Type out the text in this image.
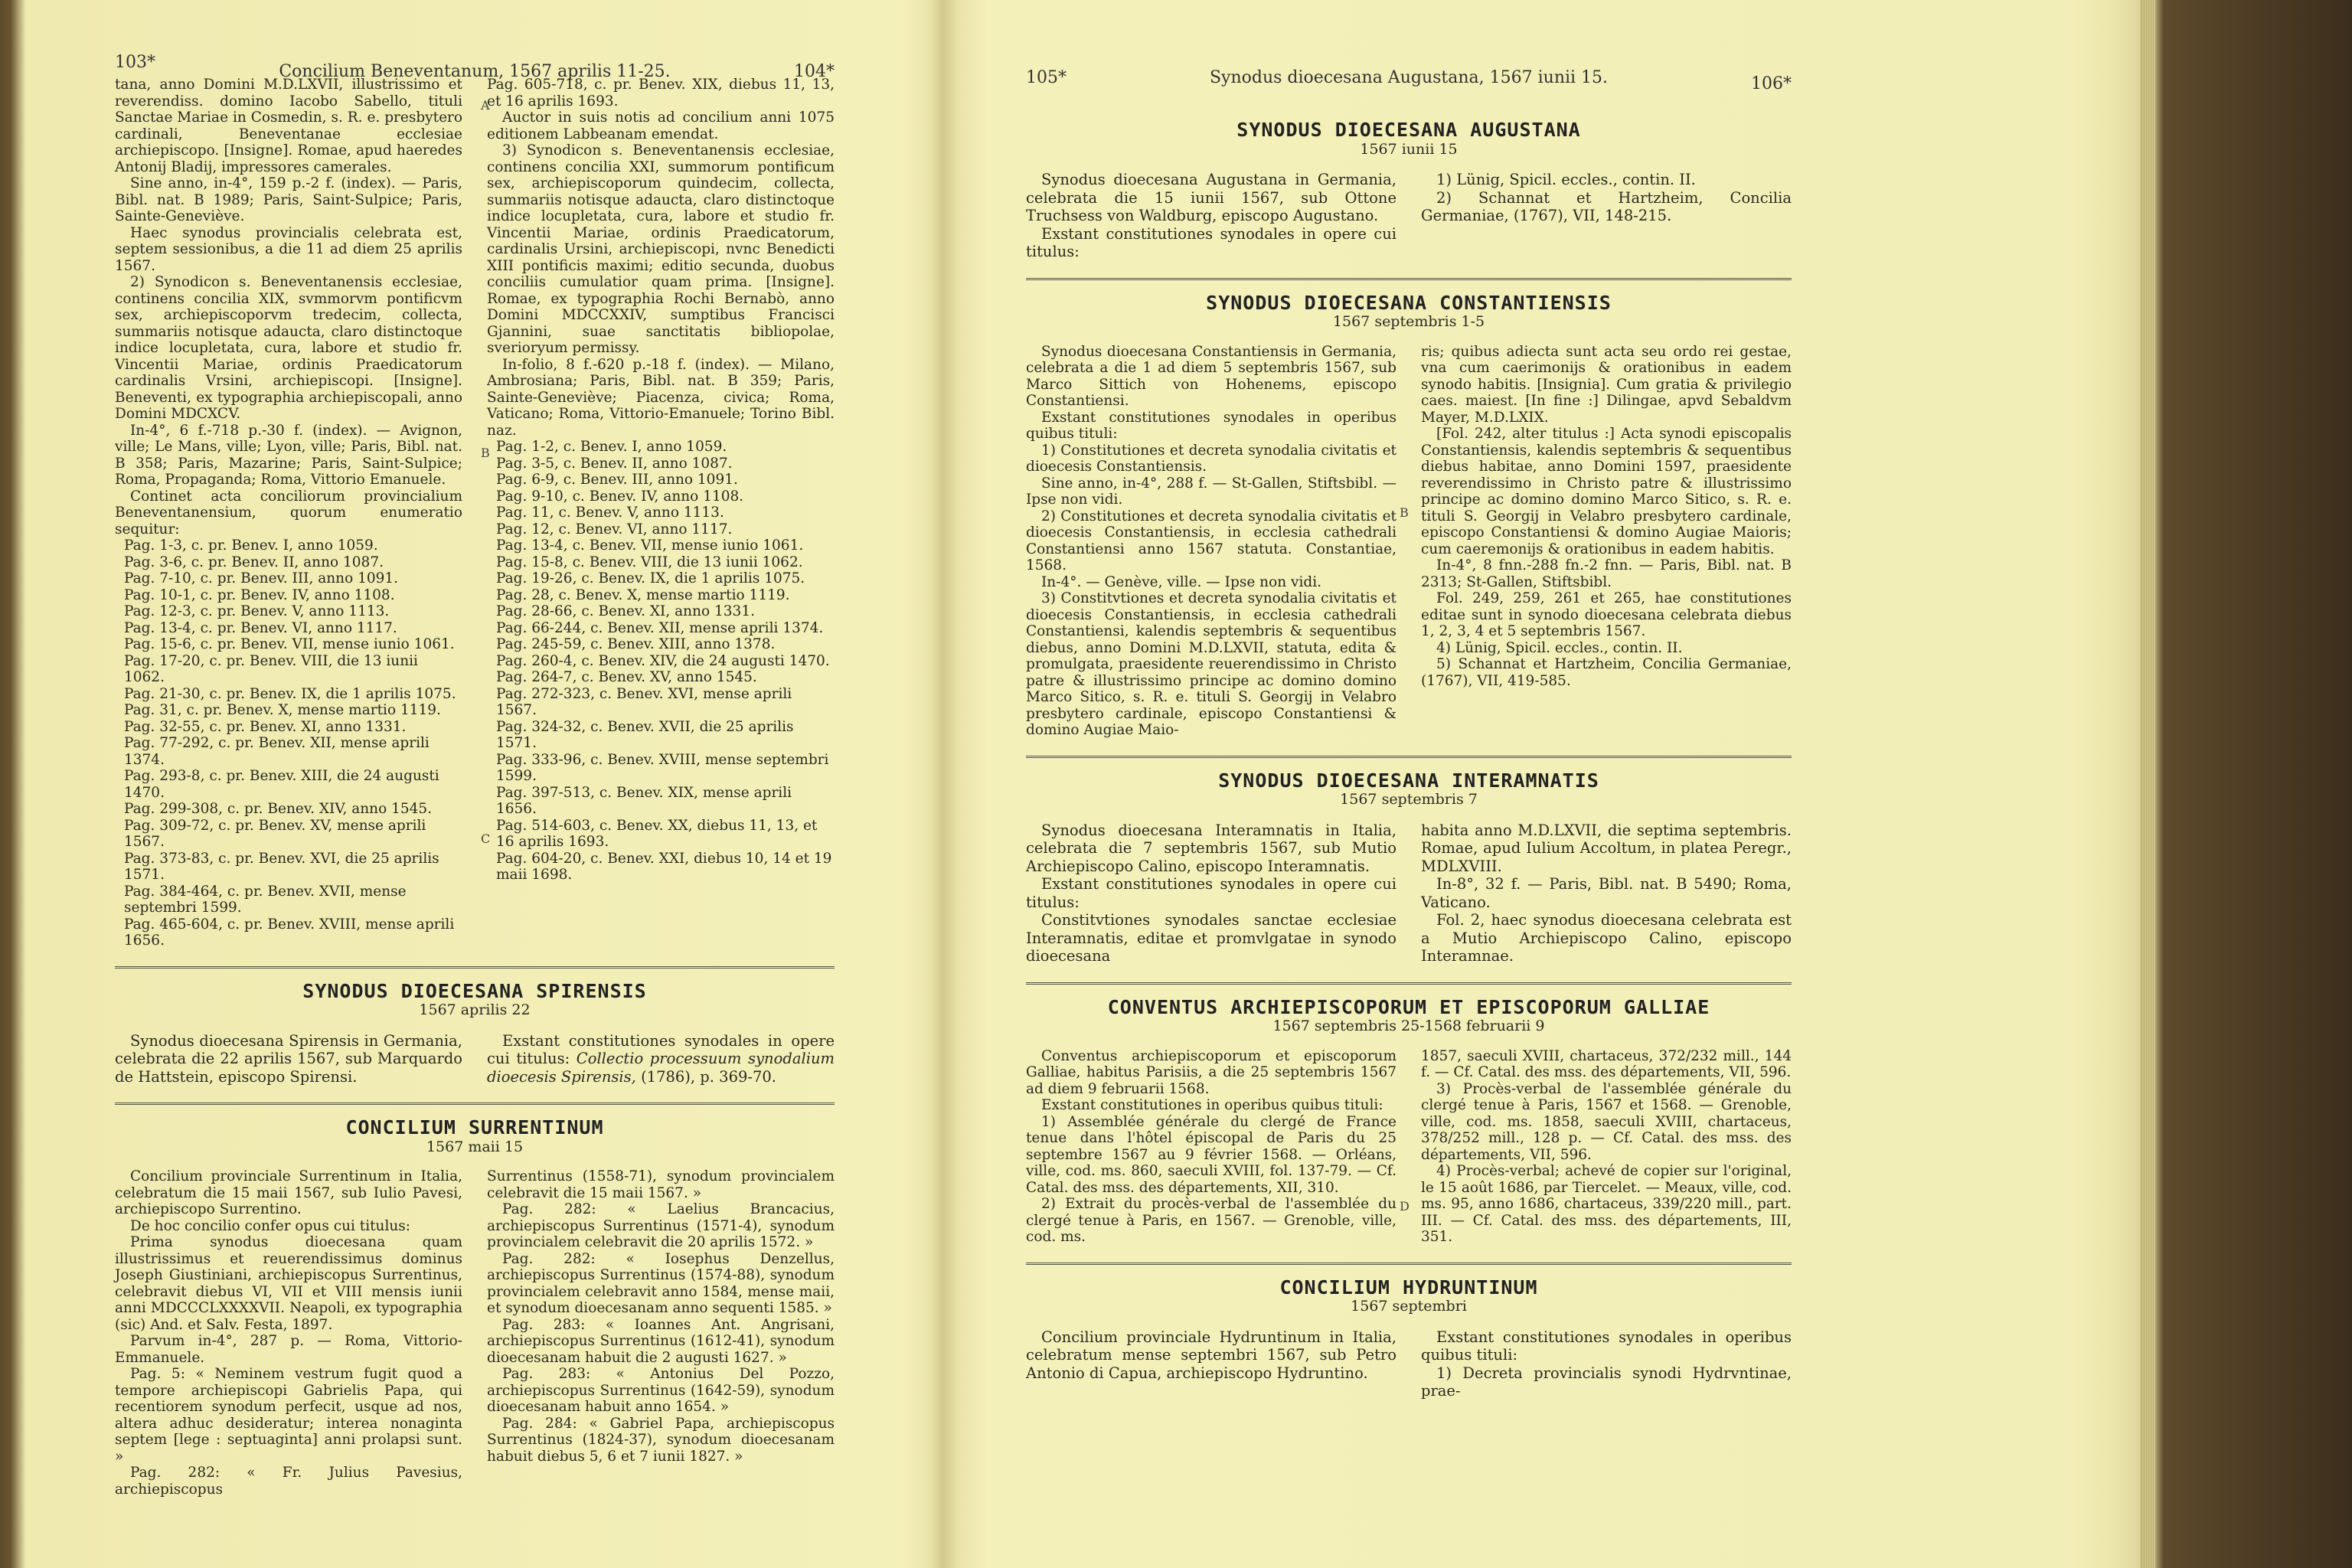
103*	Concilium Beneventanum, 1567 aprilis 11-25.	104*

tana, anno Domini M.D.LXVII, illustrissimo et reverendiss. domino Iacobo Sabello, tituli Sanctae Mariae in Cosmedin, s. R. e. presbytero cardinali, Beneventanae ecclesiae archiepiscopo. [Insigne]. Romae, apud haeredes Antonij Bladij, impressores camerales.

Sine anno, in-4°, 159 p.-2 f. (index). — Paris, Bibl. nat. B 1989; Paris, Saint-Sulpice; Paris, Sainte-Geneviève.

Haec synodus provincialis celebrata est, septem sessionibus, a die 11 ad diem 25 aprilis 1567.

2) Synodicon s. Beneventanensis ecclesiae, continens concilia XIX, svmmorvm pontificvm sex, archiepiscoporvm tredecim, collecta, summariis notisque adaucta, claro distinctoque indice locupletata, cura, labore et studio fr. Vincentii Mariae, ordinis Praedicatorum cardinalis Vrsini, archiepiscopi. [Insigne]. Beneventi, ex typographia archiepiscopali, anno Domini MDCXCV.

In-4°, 6 f.-718 p.-30 f. (index). — Avignon, ville; Le Mans, ville; Lyon, ville; Paris, Bibl. nat. B 358; Paris, Mazarine; Paris, Saint-Sulpice; Roma, Propaganda; Roma, Vittorio Emanuele.

Continet acta conciliorum provincialium Beneventanensium, quorum enumeratio sequitur:

Pag. 1-3, c. pr. Benev. I, anno 1059.
Pag. 3-6, c. pr. Benev. II, anno 1087.
Pag. 7-10, c. pr. Benev. III, anno 1091.
Pag. 10-1, c. pr. Benev. IV, anno 1108.
Pag. 12-3, c. pr. Benev. V, anno 1113.
Pag. 13-4, c. pr. Benev. VI, anno 1117.
Pag. 15-6, c. pr. Benev. VII, mense iunio 1061.
Pag. 17-20, c. pr. Benev. VIII, die 13 iunii 1062.
Pag. 21-30, c. pr. Benev. IX, die 1 aprilis 1075.
Pag. 31, c. pr. Benev. X, mense martio 1119.
Pag. 32-55, c. pr. Benev. XI, anno 1331.
Pag. 77-292, c. pr. Benev. XII, mense aprili 1374.
Pag. 293-8, c. pr. Benev. XIII, die 24 augusti 1470.
Pag. 299-308, c. pr. Benev. XIV, anno 1545.
Pag. 309-72, c. pr. Benev. XV, mense aprili 1567.
Pag. 373-83, c. pr. Benev. XVI, die 25 aprilis 1571.
Pag. 384-464, c. pr. Benev. XVII, mense septembri 1599.
Pag. 465-604, c. pr. Benev. XVIII, mense aprili 1656.

Pag. 605-718, c. pr. Benev. XIX, diebus 11, 13, et 16 aprilis 1693.

Auctor in suis notis ad concilium anni 1075 editionem Labbeanam emendat.

3) Synodicon s. Beneventanensis ecclesiae, continens concilia XXI, summorum pontificum sex, archiepiscoporum quindecim, collecta, summariis notisque adaucta, claro distinctoque indice locupletata, cura, labore et studio fr. Vincentii Mariae, ordinis Praedicatorum, cardinalis Ursini, archiepiscopi, nvnc Benedicti XIII pontificis maximi; editio secunda, duobus conciliis cumulatior quam prima. [Insigne]. Romae, ex typographia Rochi Bernabò, anno Domini MDCCXXIV, sumptibus Francisci Gjannini, suae sanctitatis bibliopolae, sverioryum permissy.

In-folio, 8 f.-620 p.-18 f. (index). — Milano, Ambrosiana; Paris, Bibl. nat. B 359; Paris, Sainte-Geneviève; Piacenza, civica; Roma, Vaticano; Roma, Vittorio-Emanuele; Torino Bibl. naz.

Pag. 1-2, c. Benev. I, anno 1059.
Pag. 3-5, c. Benev. II, anno 1087.
Pag. 6-9, c. Benev. III, anno 1091.
Pag. 9-10, c. Benev. IV, anno 1108.
Pag. 11, c. Benev. V, anno 1113.
Pag. 12, c. Benev. VI, anno 1117.
Pag. 13-4, c. Benev. VII, mense iunio 1061.
Pag. 15-8, c. Benev. VIII, die 13 iunii 1062.
Pag. 19-26, c. Benev. IX, die 1 aprilis 1075.
Pag. 28, c. Benev. X, mense martio 1119.
Pag. 28-66, c. Benev. XI, anno 1331.
Pag. 66-244, c. Benev. XII, mense aprili 1374.
Pag. 245-59, c. Benev. XIII, anno 1378.
Pag. 260-4, c. Benev. XIV, die 24 augusti 1470.
Pag. 264-7, c. Benev. XV, anno 1545.
Pag. 272-323, c. Benev. XVI, mense aprili 1567.
Pag. 324-32, c. Benev. XVII, die 25 aprilis 1571.
Pag. 333-96, c. Benev. XVIII, mense septembri 1599.
Pag. 397-513, c. Benev. XIX, mense aprili 1656.
Pag. 514-603, c. Benev. XX, diebus 11, 13, et 16 aprilis 1693.
Pag. 604-20, c. Benev. XXI, diebus 10, 14 et 19 maii 1698.
A
B
C
SYNODUS DIOECESANA SPIRENSIS
1567 aprilis 22

Synodus dioecesana Spirensis in Germania, celebrata die 22 aprilis 1567, sub Marquardo de Hattstein, episcopo Spirensi.

Exstant constitutiones synodales in opere cui titulus: Collectio processuum synodalium dioecesis Spirensis, (1786), p. 369-70.

CONCILIUM SURRENTINUM
1567 maii 15

Concilium provinciale Surrentinum in Italia, celebratum die 15 maii 1567, sub Iulio Pavesi, archiepiscopo Surrentino.

De hoc concilio confer opus cui titulus:

Prima synodus dioecesana quam illustrissimus et reuerendissimus dominus Joseph Giustiniani, archiepiscopus Surrentinus, celebravit diebus VI, VII et VIII mensis iunii anni MDCCCLXXXXVII. Neapoli, ex typographia (sic) And. et Salv. Festa, 1897.

Parvum in-4°, 287 p. — Roma, Vittorio-Emmanuele.

Pag. 5: « Neminem vestrum fugit quod a tempore archiepiscopi Gabrielis Papa, qui recentiorem synodum perfecit, usque ad nos, altera adhuc desideratur; interea nonaginta septem [lege : septuaginta] anni prolapsi sunt. »

Pag. 282: « Fr. Julius Pavesius, archiepiscopus

Surrentinus (1558-71), synodum provincialem celebravit die 15 maii 1567. »

Pag. 282: « Laelius Brancacius, archiepiscopus Surrentinus (1571-4), synodum provincialem celebravit die 20 aprilis 1572. »

Pag. 282: « Iosephus Denzellus, archiepiscopus Surrentinus (1574-88), synodum provincialem celebravit anno 1584, mense maii, et synodum dioecesanam anno sequenti 1585. »

Pag. 283: « Ioannes Ant. Angrisani, archiepiscopus Surrentinus (1612-41), synodum dioecesanam habuit die 2 augusti 1627. »

Pag. 283: « Antonius Del Pozzo, archiepiscopus Surrentinus (1642-59), synodum dioecesanam habuit anno 1654. »

Pag. 284: « Gabriel Papa, archiepiscopus Surrentinus (1824-37), synodum dioecesanam habuit diebus 5, 6 et 7 iunii 1827. »

105*	Synodus dioecesana Augustana, 1567 iunii 15.	106*
SYNODUS DIOECESANA AUGUSTANA
1567 iunii 15

Synodus dioecesana Augustana in Germania, celebrata die 15 iunii 1567, sub Ottone Truchsess von Waldburg, episcopo Augustano.

Exstant constitutiones synodales in opere cui titulus:

1) Lünig, Spicil. eccles., contin. II.

2) Schannat et Hartzheim, Concilia Germaniae, (1767), VII, 148-215.

SYNODUS DIOECESANA CONSTANTIENSIS
1567 septembris 1-5

Synodus dioecesana Constantiensis in Germania, celebrata a die 1 ad diem 5 septembris 1567, sub Marco Sittich von Hohenems, episcopo Constantiensi.

Exstant constitutiones synodales in operibus quibus tituli:

1) Constitutiones et decreta synodalia civitatis et dioecesis Constantiensis.

Sine anno, in-4°, 288 f. — St-Gallen, Stiftsbibl. — Ipse non vidi.

2) Constitutiones et decreta synodalia civitatis et dioecesis Constantiensis, in ecclesia cathedrali Constantiensi anno 1567 statuta. Constantiae, 1568.

In-4°. — Genève, ville. — Ipse non vidi.

3) Constitvtiones et decreta synodalia civitatis et dioecesis Constantiensis, in ecclesia cathedrali Constantiensi, kalendis septembris & sequentibus diebus, anno Domini M.D.LXVII, statuta, edita & promulgata, praesidente reuerendissimo in Christo patre & illustrissimo principe ac domino domino Marco Sitico, s. R. e. tituli S. Georgij in Velabro presbytero cardinale, episcopo Constantiensi & domino Augiae Maio-

ris; quibus adiecta sunt acta seu ordo rei gestae, vna cum caerimonijs & orationibus in eadem synodo habitis. [Insignia]. Cum gratia & privilegio caes. maiest. [In fine :] Dilingae, apvd Sebaldvm Mayer, M.D.LXIX.

[Fol. 242, alter titulus :] Acta synodi episcopalis Constantiensis, kalendis septembris & sequentibus diebus habitae, anno Domini 1597, praesidente reverendissimo in Christo patre & illustrissimo principe ac domino domino Marco Sitico, s. R. e. tituli S. Georgij in Velabro presbytero cardinale, episcopo Constantiensi & domino Augiae Maioris; cum caeremonijs & orationibus in eadem habitis.

In-4°, 8 fnn.-288 fn.-2 fnn. — Paris, Bibl. nat. B 2313; St-Gallen, Stiftsbibl.

Fol. 249, 259, 261 et 265, hae constitutiones editae sunt in synodo dioecesana celebrata diebus 1, 2, 3, 4 et 5 septembris 1567.

4) Lünig, Spicil. eccles., contin. II.

5) Schannat et Hartzheim, Concilia Germaniae, (1767), VII, 419-585.

B
D
SYNODUS DIOECESANA INTERAMNATIS
1567 septembris 7

Synodus dioecesana Interamnatis in Italia, celebrata die 7 septembris 1567, sub Mutio Archiepiscopo Calino, episcopo Interamnatis.

Exstant constitutiones synodales in opere cui titulus:

Constitvtiones synodales sanctae ecclesiae Interamnatis, editae et promvlgatae in synodo dioecesana

habita anno M.D.LXVII, die septima septembris. Romae, apud Iulium Accoltum, in platea Peregr., MDLXVIII.

In-8°, 32 f. — Paris, Bibl. nat. B 5490; Roma, Vaticano.

Fol. 2, haec synodus dioecesana celebrata est a Mutio Archiepiscopo Calino, episcopo Interamnae.

CONVENTUS ARCHIEPISCOPORUM ET EPISCOPORUM GALLIAE
1567 septembris 25-1568 februarii 9

Conventus archiepiscoporum et episcoporum Galliae, habitus Parisiis, a die 25 septembris 1567 ad diem 9 februarii 1568.

Exstant constitutiones in operibus quibus tituli:

1) Assemblée générale du clergé de France tenue dans l'hôtel épiscopal de Paris du 25 septembre 1567 au 9 février 1568. — Orléans, ville, cod. ms. 860, saeculi XVIII, fol. 137-79. — Cf. Catal. des mss. des départements, XII, 310.

2) Extrait du procès-verbal de l'assemblée du clergé tenue à Paris, en 1567. — Grenoble, ville, cod. ms.

1857, saeculi XVIII, chartaceus, 372/232 mill., 144 f. — Cf. Catal. des mss. des départements, VII, 596.

3) Procès-verbal de l'assemblée générale du clergé tenue à Paris, 1567 et 1568. — Grenoble, ville, cod. ms. 1858, saeculi XVIII, chartaceus, 378/252 mill., 128 p. — Cf. Catal. des mss. des départements, VII, 596.

4) Procès-verbal; achevé de copier sur l'original, le 15 août 1686, par Tiercelet. — Meaux, ville, cod. ms. 95, anno 1686, chartaceus, 339/220 mill., part. III. — Cf. Catal. des mss. des départements, III, 351.

CONCILIUM HYDRUNTINUM
1567 septembri

Concilium provinciale Hydruntinum in Italia, celebratum mense septembri 1567, sub Petro Antonio di Capua, archiepiscopo Hydruntino.

Exstant constitutiones synodales in operibus quibus tituli:

1) Decreta provincialis synodi Hydrvntinae, prae-
